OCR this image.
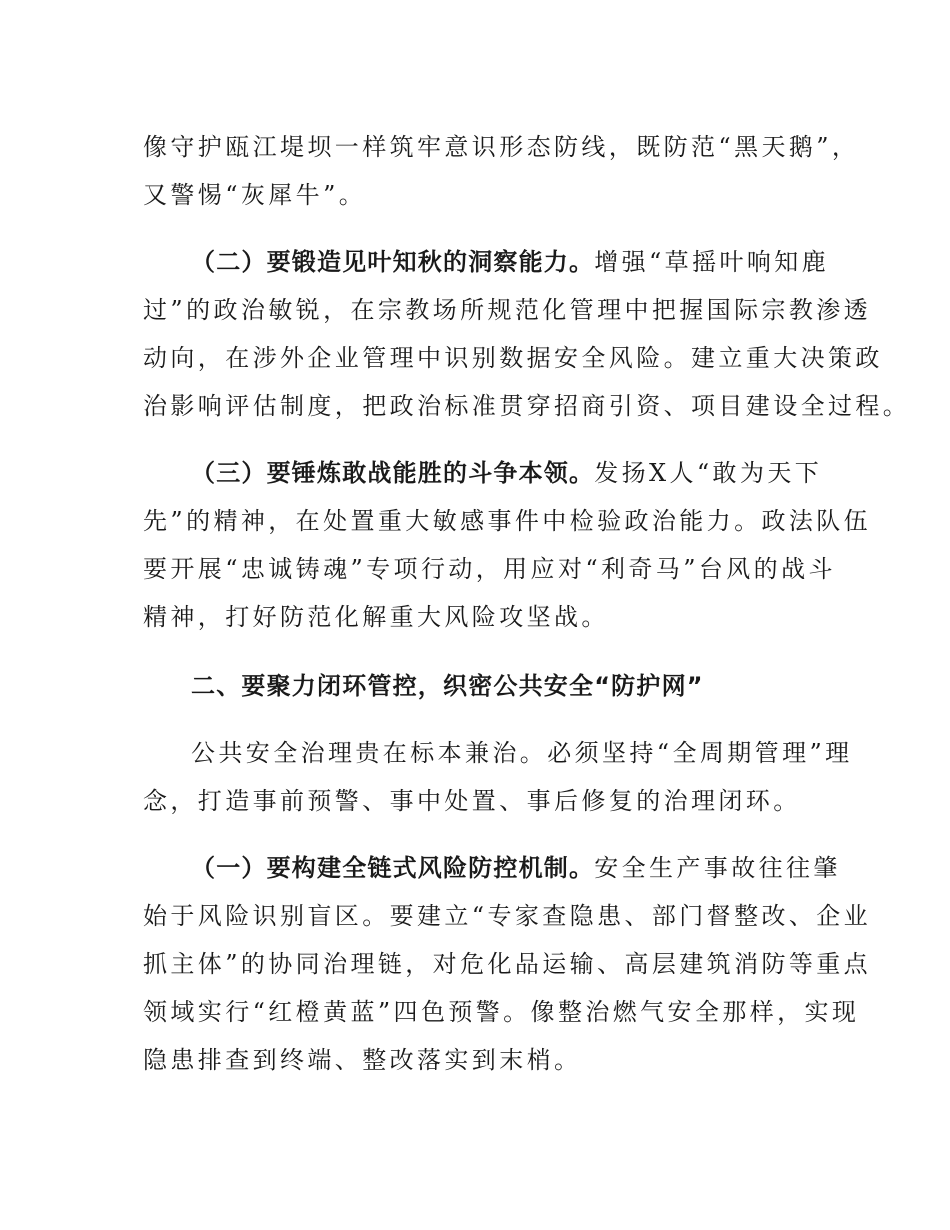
像守护瓯江堤坝一样筑牢意识形态防线，既防范“黑天鹅”，
又警惕“灰犀牛”。
（二）要锻造见叶知秋的洞察能力。增强“草摇叶响知鹿
过”的政治敏锐，在宗教场所规范化管理中把握国际宗教渗透
动向，在涉外企业管理中识别数据安全风险。建立重大决策政
治影响评估制度，把政治标准贯穿招商引资、项目建设全过程。
（三）要锤炼敢战能胜的斗争本领。发扬X人“敢为天下
先”的精神，在处置重大敏感事件中检验政治能力。政法队伍
要开展“忠诚铸魂”专项行动，用应对“利奇马”台风的战斗
精神，打好防范化解重大风险攻坚战。
二、要聚力闭环管控，织密公共安全“防护网”
公共安全治理贵在标本兼治。必须坚持“全周期管理”理
念，打造事前预警、事中处置、事后修复的治理闭环。
（一）要构建全链式风险防控机制。安全生产事故往往肇
始于风险识别盲区。要建立“专家查隐患、部门督整改、企业
抓主体”的协同治理链，对危化品运输、高层建筑消防等重点
领域实行“红橙黄蓝”四色预警。像整治燃气安全那样，实现
隐患排查到终端、整改落实到末梢。
